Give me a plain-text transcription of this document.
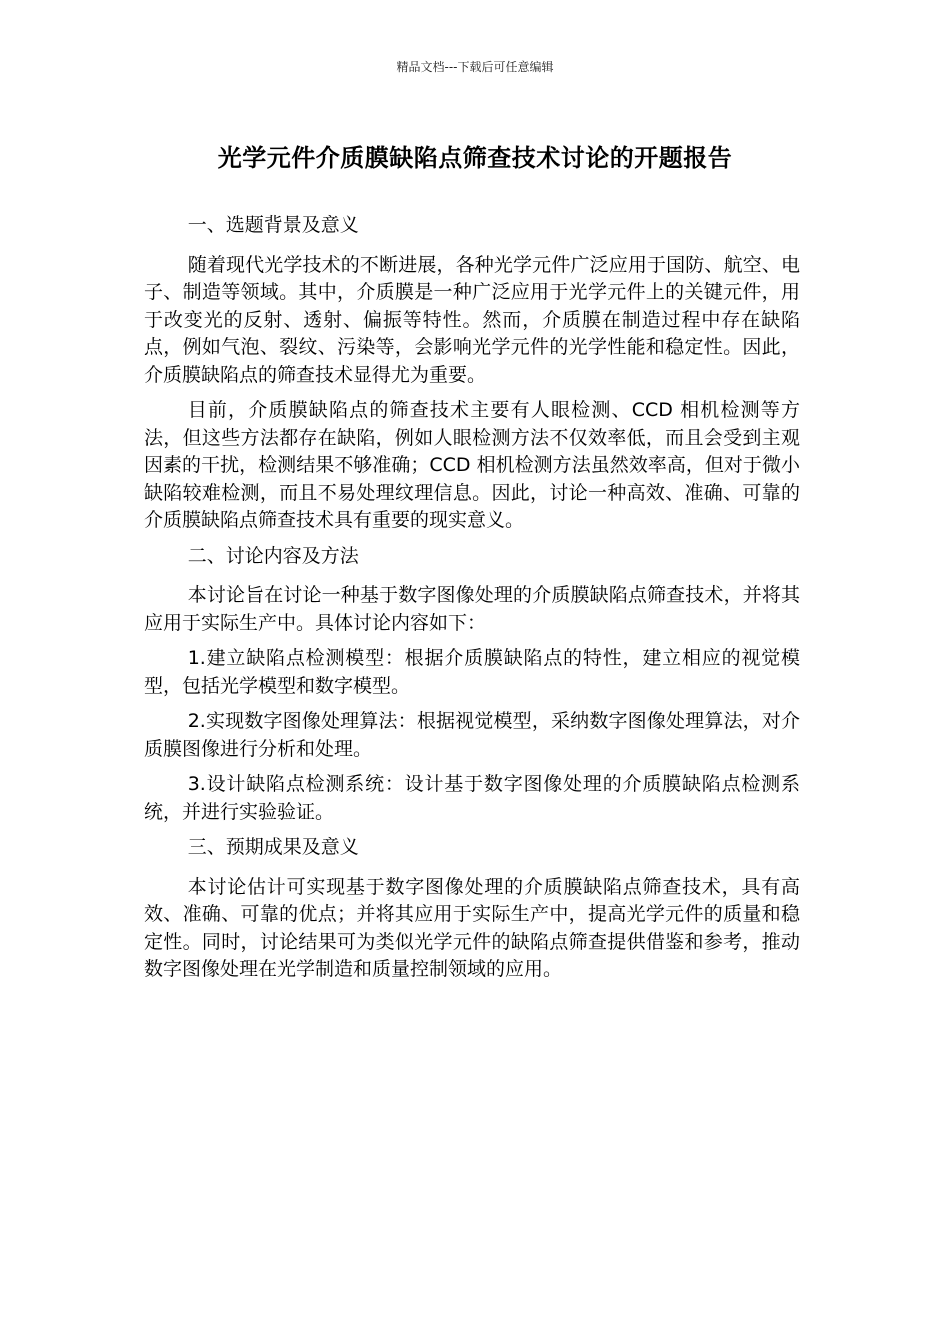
精品文档---下载后可任意编辑
光学元件介质膜缺陷点筛查技术讨论的开题报告

一、选题背景及意义

随着现代光学技术的不断进展，各种光学元件广泛应用于国防、航空、电子、制造等领域。其中，介质膜是一种广泛应用于光学元件上的关键元件，用于改变光的反射、透射、偏振等特性。然而，介质膜在制造过程中存在缺陷点，例如气泡、裂纹、污染等，会影响光学元件的光学性能和稳定性。因此，介质膜缺陷点的筛查技术显得尤为重要。

目前，介质膜缺陷点的筛查技术主要有人眼检测、CCD 相机检测等方法，但这些方法都存在缺陷，例如人眼检测方法不仅效率低，而且会受到主观因素的干扰，检测结果不够准确；CCD 相机检测方法虽然效率高，但对于微小缺陷较难检测，而且不易处理纹理信息。因此，讨论一种高效、准确、可靠的介质膜缺陷点筛查技术具有重要的现实意义。

二、讨论内容及方法

本讨论旨在讨论一种基于数字图像处理的介质膜缺陷点筛查技术，并将其应用于实际生产中。具体讨论内容如下：

1.建立缺陷点检测模型：根据介质膜缺陷点的特性，建立相应的视觉模型，包括光学模型和数字模型。

2.实现数字图像处理算法：根据视觉模型，采纳数字图像处理算法，对介质膜图像进行分析和处理。

3.设计缺陷点检测系统：设计基于数字图像处理的介质膜缺陷点检测系统，并进行实验验证。

三、预期成果及意义

本讨论估计可实现基于数字图像处理的介质膜缺陷点筛查技术，具有高效、准确、可靠的优点；并将其应用于实际生产中，提高光学元件的质量和稳定性。同时，讨论结果可为类似光学元件的缺陷点筛查提供借鉴和参考，推动数字图像处理在光学制造和质量控制领域的应用。
